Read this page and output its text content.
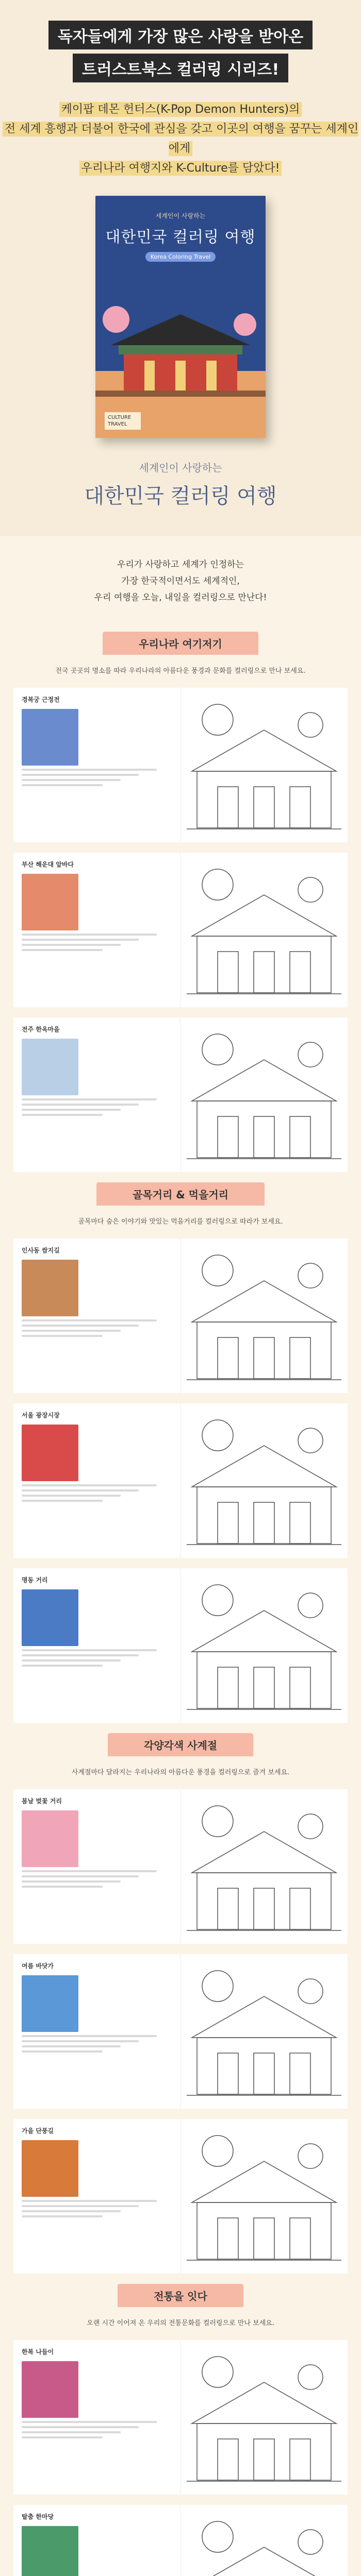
독자들에게 가장 많은 사랑을 받아온
트러스트북스 컬러링 시리즈!
케이팝 데몬 헌터스(K-Pop Demon Hunters)의
전 세계 흥행과 더불어 한국에 관심을 갖고 이곳의 여행을 꿈꾸는 세계인에게
우리나라 여행지와 K-Culture를 담았다!
세계인이 사랑하는
대한민국 컬러링 여행
Korea Coloring Travel
CULTURE TRAVEL
세계인이 사랑하는
대한민국 컬러링 여행

우리가 사랑하고 세계가 인정하는

가장 한국적이면서도 세계적인,

우리 여행을 오늘, 내일을 컬러링으로 만난다!

우리나라 여기저기
전국 곳곳의 명소를 따라 우리나라의 아름다운 풍경과 문화를 컬러링으로 만나 보세요.
경복궁 근정전
부산 해운대 앞바다
전주 한옥마을
골목거리 & 먹을거리
골목마다 숨은 이야기와 맛있는 먹을거리를 컬러링으로 따라가 보세요.
인사동 쌈지길
서울 광장시장
명동 거리
각양각색 사계절
사계절마다 달라지는 우리나라의 아름다운 풍경을 컬러링으로 즐겨 보세요.
봄날 벚꽃 거리
여름 바닷가
가을 단풍길
전통을 잇다
오랜 시간 이어져 온 우리의 전통문화를 컬러링으로 만나 보세요.
한복 나들이
탈춤 한마당
